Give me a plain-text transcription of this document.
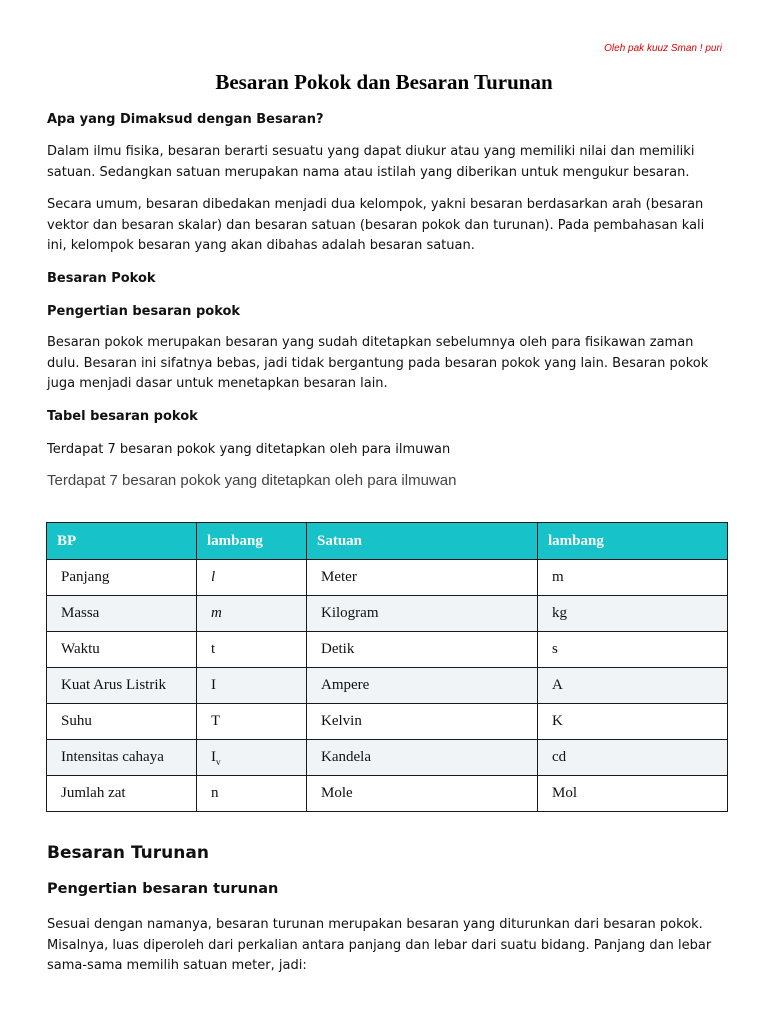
Oleh pak kuuz Sman ! puri
Besaran Pokok dan Besaran Turunan

Apa yang Dimaksud dengan Besaran?

Dalam ilmu fisika, besaran berarti sesuatu yang dapat diukur atau yang memiliki nilai dan memiliki satuan. Sedangkan satuan merupakan nama atau istilah yang diberikan untuk mengukur besaran.

Secara umum, besaran dibedakan menjadi dua kelompok, yakni besaran berdasarkan arah (besaran vektor dan besaran skalar) dan besaran satuan (besaran pokok dan turunan). Pada pembahasan kali ini, kelompok besaran yang akan dibahas adalah besaran satuan.

Besaran Pokok

Pengertian besaran pokok

Besaran pokok merupakan besaran yang sudah ditetapkan sebelumnya oleh para fisikawan zaman dulu. Besaran ini sifatnya bebas, jadi tidak bergantung pada besaran pokok yang lain. Besaran pokok juga menjadi dasar untuk menetapkan besaran lain.

Tabel besaran pokok

Terdapat 7 besaran pokok yang ditetapkan oleh para ilmuwan

Terdapat 7 besaran pokok yang ditetapkan oleh para ilmuwan

BP	lambang	Satuan	lambang
Panjang	l	Meter	m
Massa	m	Kilogram	kg
Waktu	t	Detik	s
Kuat Arus Listrik	I	Ampere	A
Suhu	T	Kelvin	K
Intensitas cahaya	$I_v$	Kandela	cd
Jumlah zat	n	Mole	Mol

Besaran Turunan

Pengertian besaran turunan

Sesuai dengan namanya, besaran turunan merupakan besaran yang diturunkan dari besaran pokok. Misalnya, luas diperoleh dari perkalian antara panjang dan lebar dari suatu bidang. Panjang dan lebar sama-sama memilih satuan meter, jadi:
